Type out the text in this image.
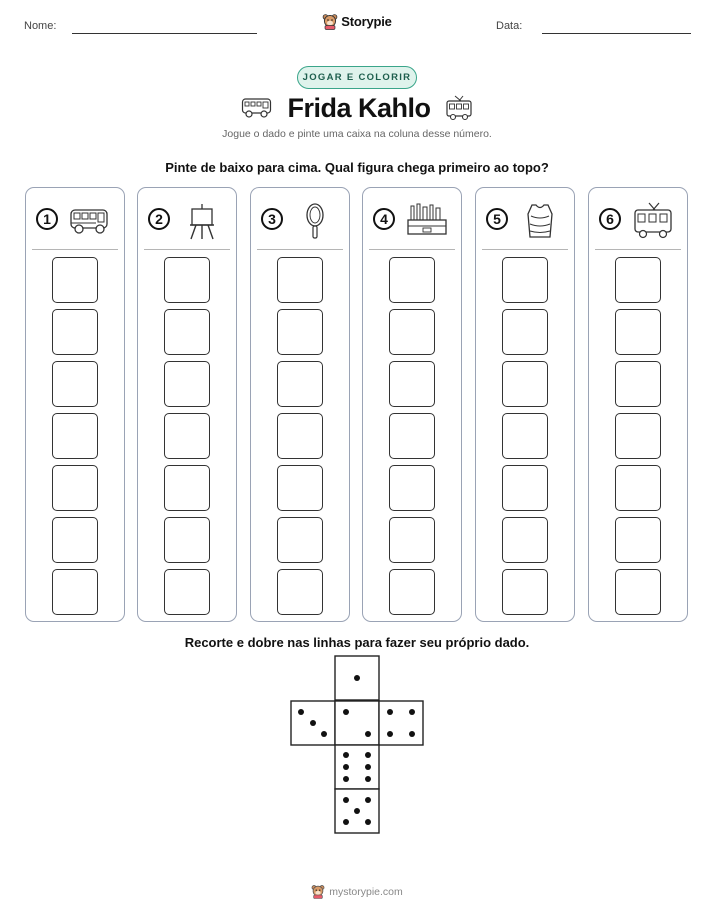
Nome:	Data:
Storypie
JOGAR E COLORIR
Frida Kahlo
Jogue o dado e pinte uma caixa na coluna desse número.
Pinte de baixo para cima. Qual figura chega primeiro ao topo?
1	2	3	4	5	6
Recorte e dobre nas linhas para fazer seu próprio dado.
mystorypie.com
